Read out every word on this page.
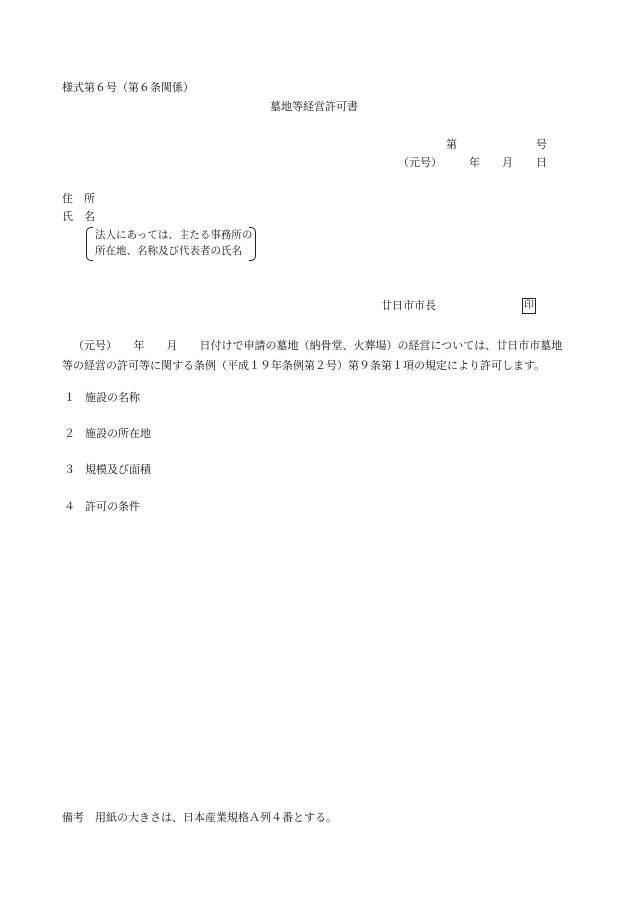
様式第６号（第６条関係）
墓地等経営許可書
第	号
（元号） 年 月 日
住　所
氏　名
法人にあっては、主たる事務所の
所在地、名称及び代表者の氏名
廿日市市長	印
（元号）　　年　　月　　日付けで申請の墓地（納骨堂、火葬場）の経営については、廿日市市墓地
等の経営の許可等に関する条例（平成１９年条例第２号）第９条第１項の規定により許可します。
１ 施設の名称
２ 施設の所在地
３ 規模及び面積
４ 許可の条件
備考　用紙の大きさは、日本産業規格Ａ列４番とする。
